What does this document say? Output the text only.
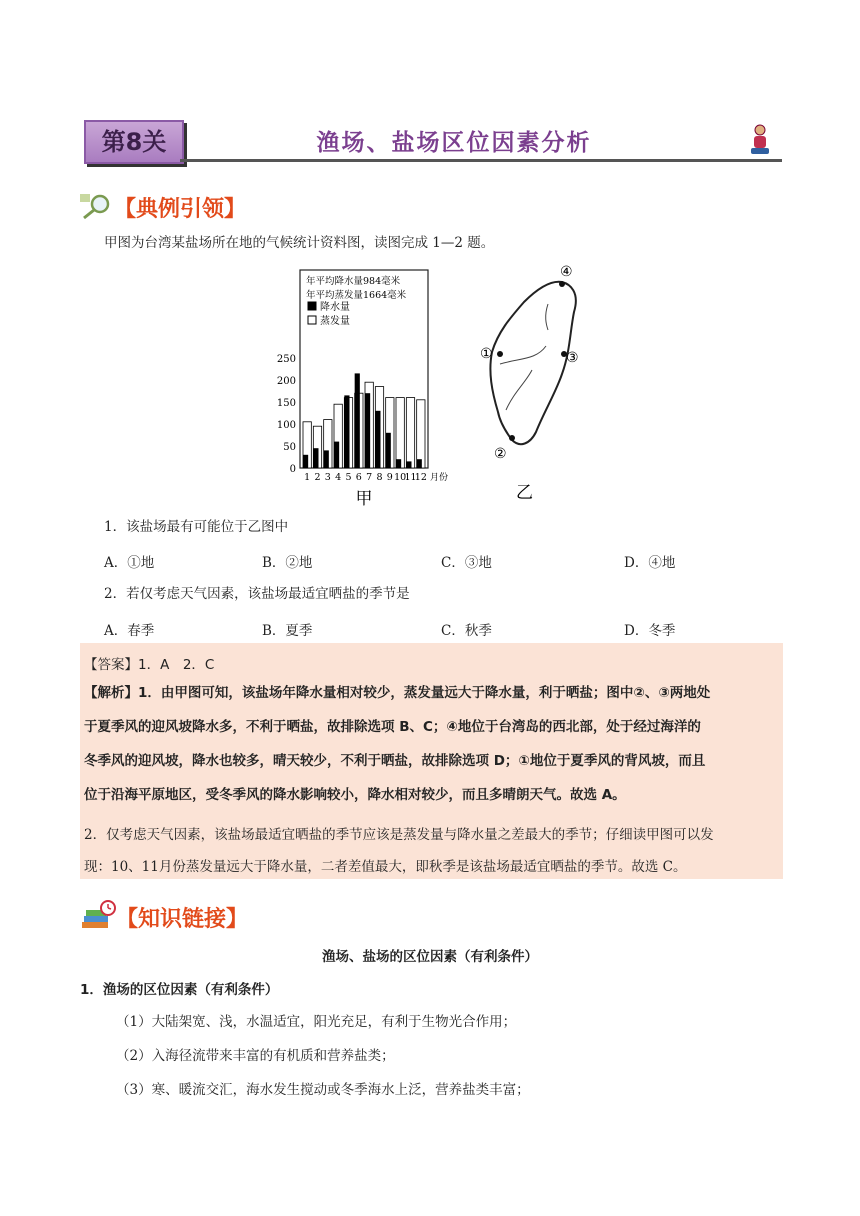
第8关	渔场、盐场区位因素分析
【典例引领】
甲图为台湾某盐场所在地的气候统计资料图，读图完成 1—2 题。
年平均降水量984毫米
年平均蒸发量1664毫米
降水量
蒸发量
0
50
100
150
200
250
1 2 3 4 5 6 7 8 9 10
11
12 月份
甲
①
②
③
④
乙
1．该盐场最有可能位于乙图中
A．①地	B．②地	C．③地	D．④地
2．若仅考虑天气因素，该盐场最适宜晒盐的季节是
A．春季	B．夏季	C．秋季	D．冬季
【答案】1．A　2．C
【解析】1．由甲图可知，该盐场年降水量相对较少，蒸发量远大于降水量，利于晒盐；图中②、③两地处
于夏季风的迎风坡降水多，不利于晒盐，故排除选项 B、C；④地位于台湾岛的西北部，处于经过海洋的
冬季风的迎风坡，降水也较多，晴天较少，不利于晒盐，故排除选项 D；①地位于夏季风的背风坡，而且
位于沿海平原地区，受冬季风的降水影响较小，降水相对较少，而且多晴朗天气。故选 A。
2．仅考虑天气因素，该盐场最适宜晒盐的季节应该是蒸发量与降水量之差最大的季节；仔细读甲图可以发
现：10、11月份蒸发量远大于降水量，二者差值最大，即秋季是该盐场最适宜晒盐的季节。故选 C。
【知识链接】
渔场、盐场的区位因素（有利条件）
1．渔场的区位因素（有利条件）
（1）大陆架宽、浅，水温适宜，阳光充足，有利于生物光合作用；
（2）入海径流带来丰富的有机质和营养盐类；
（3）寒、暖流交汇，海水发生搅动或冬季海水上泛，营养盐类丰富；
